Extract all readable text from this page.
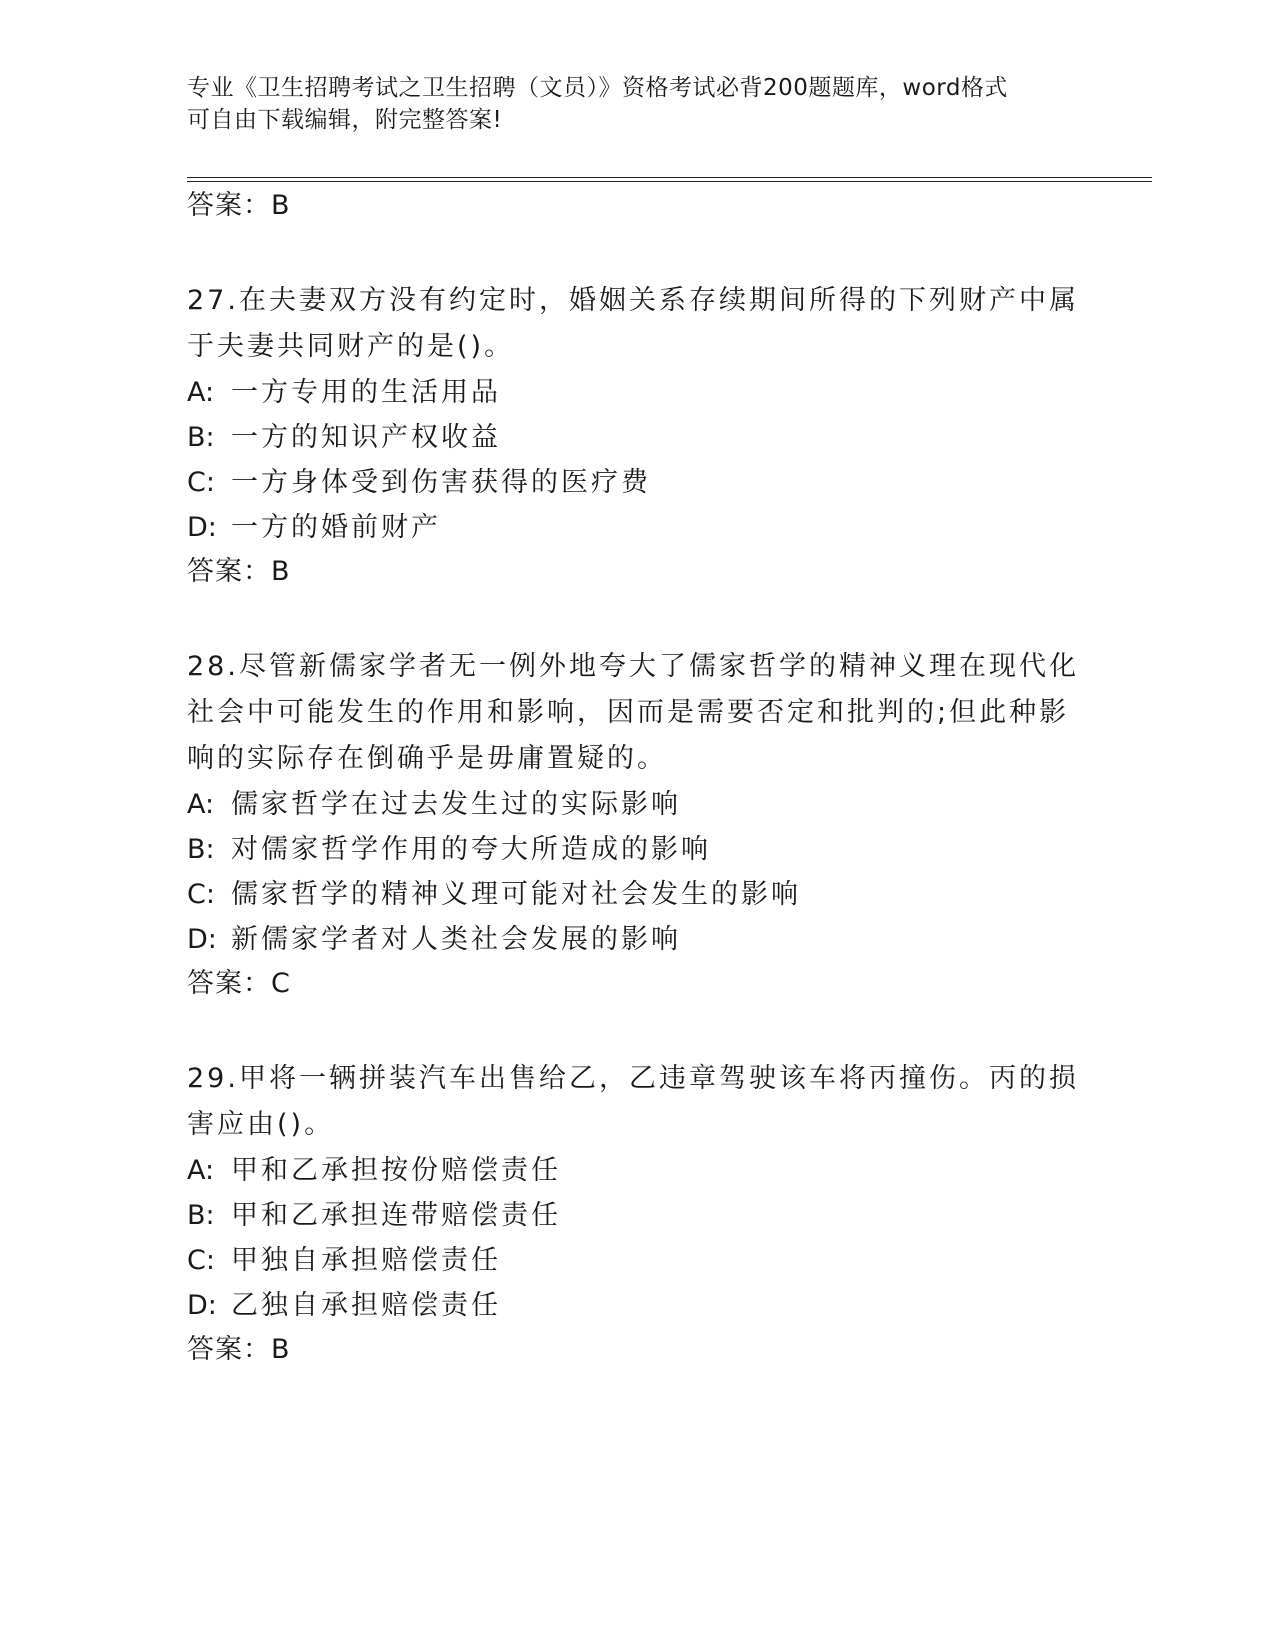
专业《卫生招聘考试之卫生招聘（文员）》资格考试必背200题题库，word格式
可自由下载编辑，附完整答案!
答案：B
27.在夫妻双方没有约定时，婚姻关系存续期间所得的下列财产中属于夫妻共同财产的是()。
A: 一方专用的生活用品
B: 一方的知识产权收益
C: 一方身体受到伤害获得的医疗费
D: 一方的婚前财产
答案：B
28.尽管新儒家学者无一例外地夸大了儒家哲学的精神义理在现代化社会中可能发生的作用和影响，因而是需要否定和批判的;但此种影响的实际存在倒确乎是毋庸置疑的。
A: 儒家哲学在过去发生过的实际影响
B: 对儒家哲学作用的夸大所造成的影响
C: 儒家哲学的精神义理可能对社会发生的影响
D: 新儒家学者对人类社会发展的影响
答案：C
29.甲将一辆拼装汽车出售给乙，乙违章驾驶该车将丙撞伤。丙的损害应由()。
A: 甲和乙承担按份赔偿责任
B: 甲和乙承担连带赔偿责任
C: 甲独自承担赔偿责任
D: 乙独自承担赔偿责任
答案：B
